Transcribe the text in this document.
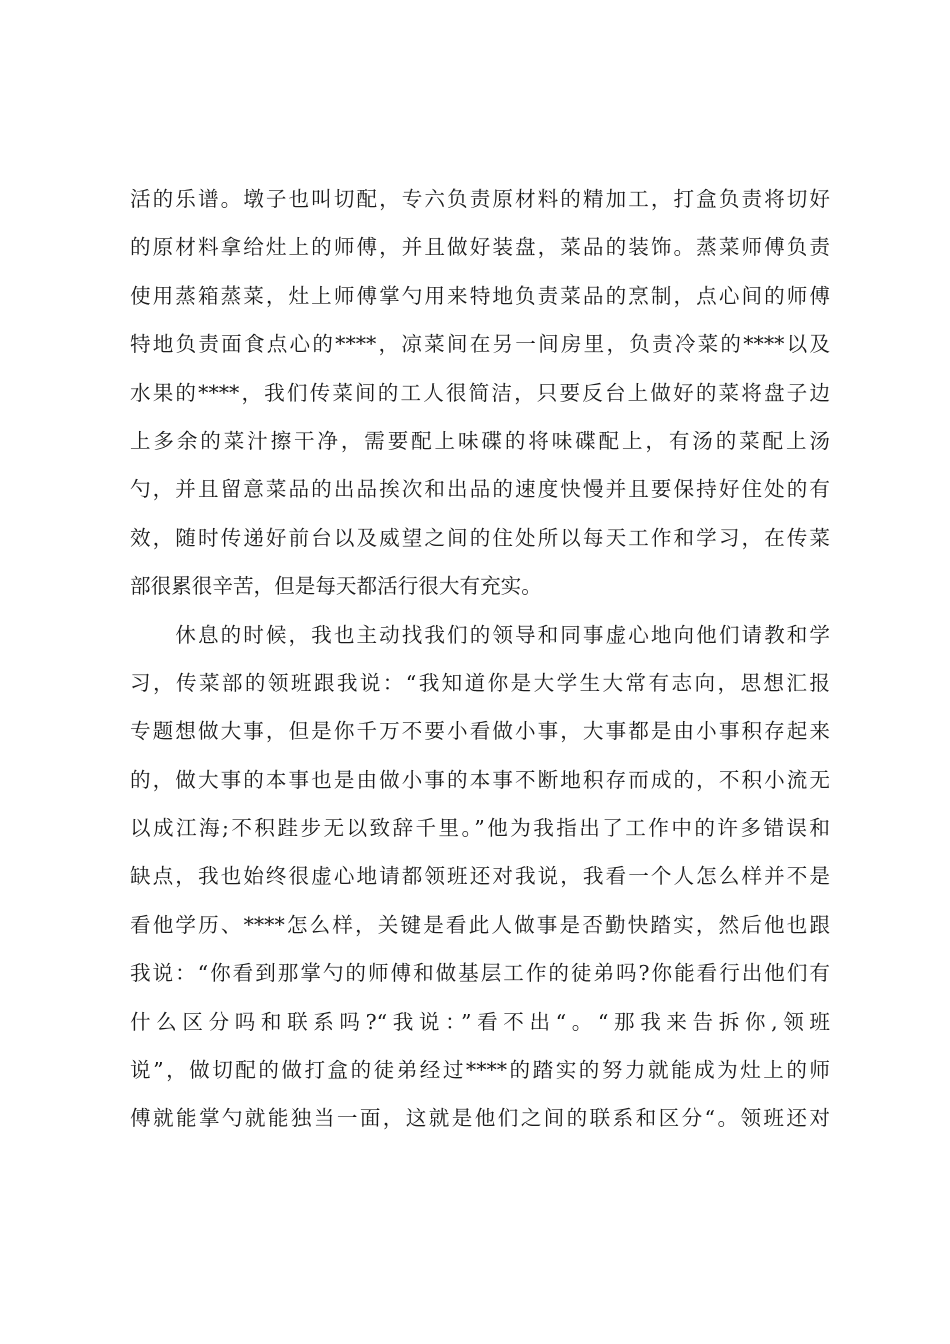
活的乐谱。墩子也叫切配，专六负责原材料的精加工，打盒负责将切好
的原材料拿给灶上的师傅，并且做好装盘，菜品的装饰。蒸菜师傅负责
使用蒸箱蒸菜，灶上师傅掌勺用来特地负责菜品的烹制，点心间的师傅
特地负责面食点心的****，凉菜间在另一间房里，负责冷菜的****以及
水果的****，我们传菜间的工人很简洁，只要反台上做好的菜将盘子边
上多余的菜汁擦干净，需要配上味碟的将味碟配上，有汤的菜配上汤
勺，并且留意菜品的出品挨次和出品的速度快慢并且要保持好住处的有
效，随时传递好前台以及威望之间的住处所以每天工作和学习，在传菜
部很累很辛苦，但是每天都活行很大有充实。
　　休息的时候，我也主动找我们的领导和同事虚心地向他们请教和学
习，传菜部的领班跟我说：“我知道你是大学生大常有志向，思想汇报
专题想做大事，但是你千万不要小看做小事，大事都是由小事积存起来
的，做大事的本事也是由做小事的本事不断地积存而成的，不积小流无
以成江海;不积跬步无以致辞千里。”他为我指出了工作中的许多错误和
缺点，我也始终很虚心地请都领班还对我说，我看一个人怎么样并不是
看他学历、****怎么样，关键是看此人做事是否勤快踏实，然后他也跟
我说：“你看到那掌勺的师傅和做基层工作的徒弟吗?你能看行出他们有
什么区分吗和联系吗?“我说：”看不出“。“那我来告拆你,领班
说”，做切配的做打盒的徒弟经过****的踏实的努力就能成为灶上的师
傅就能掌勺就能独当一面，这就是他们之间的联系和区分“。领班还对
